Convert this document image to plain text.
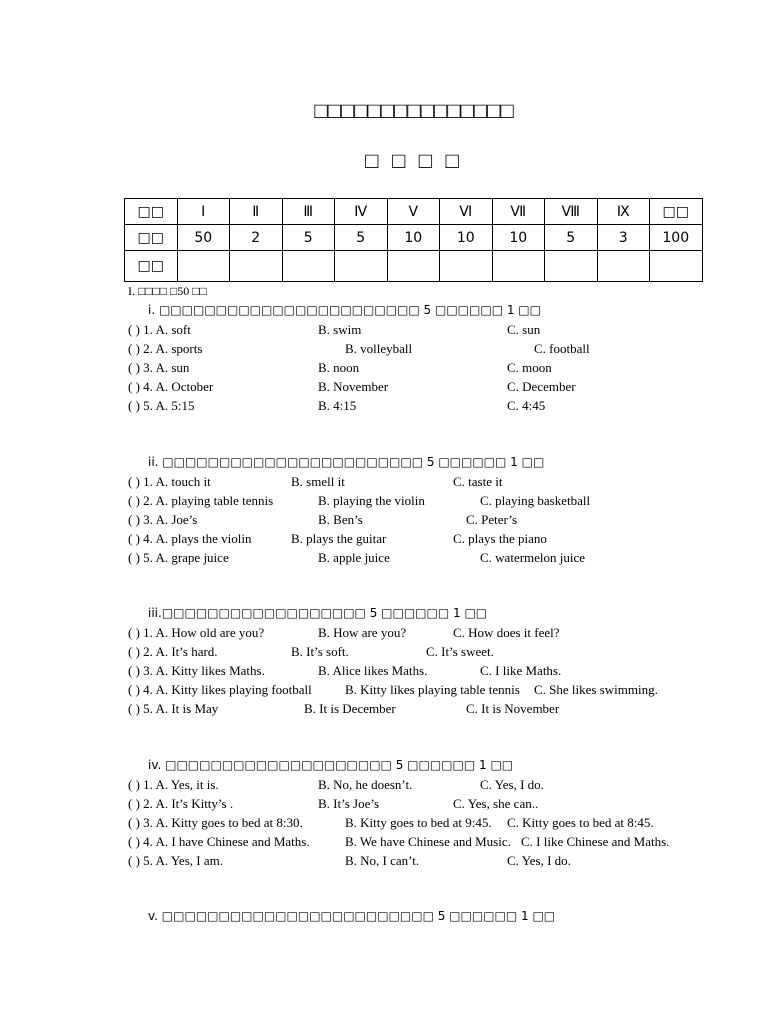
□□□□□□□□□□□□□□□
□ □ □ □
□□	Ⅰ	Ⅱ	Ⅲ	Ⅳ	Ⅴ	Ⅵ	Ⅶ	Ⅷ	Ⅸ	□□
□□	50	2	5	5	10	10	10	5	3	100
□□										
I. □□□□ □50 □□
i. □□□□□□□□□□□□□□□□□□□□□□□ 5 □□□□□□ 1 □□
( ) 1. A. soft	B. swim	C. sun
( ) 2. A. sports	B. volleyball	C. football
( ) 3. A. sun	B. noon	C. moon
( ) 4. A. October	B. November	C. December
( ) 5. A. 5:15	B. 4:15	C. 4:45
ii. □□□□□□□□□□□□□□□□□□□□□□□ 5 □□□□□□ 1 □□
( ) 1. A. touch it	B. smell it	C. taste it
( ) 2. A. playing table tennis	B. playing the violin	C. playing basketball
( ) 3. A. Joe’s	B. Ben’s	C. Peter’s
( ) 4. A. plays the violin	B. plays the guitar	C. plays the piano
( ) 5. A. grape juice	B. apple juice	C. watermelon juice
iii.□□□□□□□□□□□□□□□□□□ 5 □□□□□□ 1 □□
( ) 1. A. How old are you?	B. How are you?	C. How does it feel?
( ) 2. A. It’s hard.	B. It’s soft.	C. It’s sweet.
( ) 3. A. Kitty likes Maths.	B. Alice likes Maths.	C. I like Maths.
( ) 4. A. Kitty likes playing football	B. Kitty likes playing table tennis C. She likes swimming.
( ) 5. A. It is May	B. It is December	C. It is November
iv. □□□□□□□□□□□□□□□□□□□□ 5 □□□□□□ 1 □□
( ) 1. A. Yes, it is.	B. No, he doesn’t.	C. Yes, I do.
( ) 2. A. It’s Kitty’s .	B. It’s Joe’s	C. Yes, she can..
( ) 3. A. Kitty goes to bed at 8:30.	B. Kitty goes to bed at 9:45. C. Kitty goes to bed at 8:45.
( ) 4. A. I have Chinese and Maths.	B. We have Chinese and Music. C. I like Chinese and Maths.
( ) 5. A. Yes, I am.	B. No, I can’t.	C. Yes, I do.
v. □□□□□□□□□□□□□□□□□□□□□□□□ 5 □□□□□□ 1 □□
